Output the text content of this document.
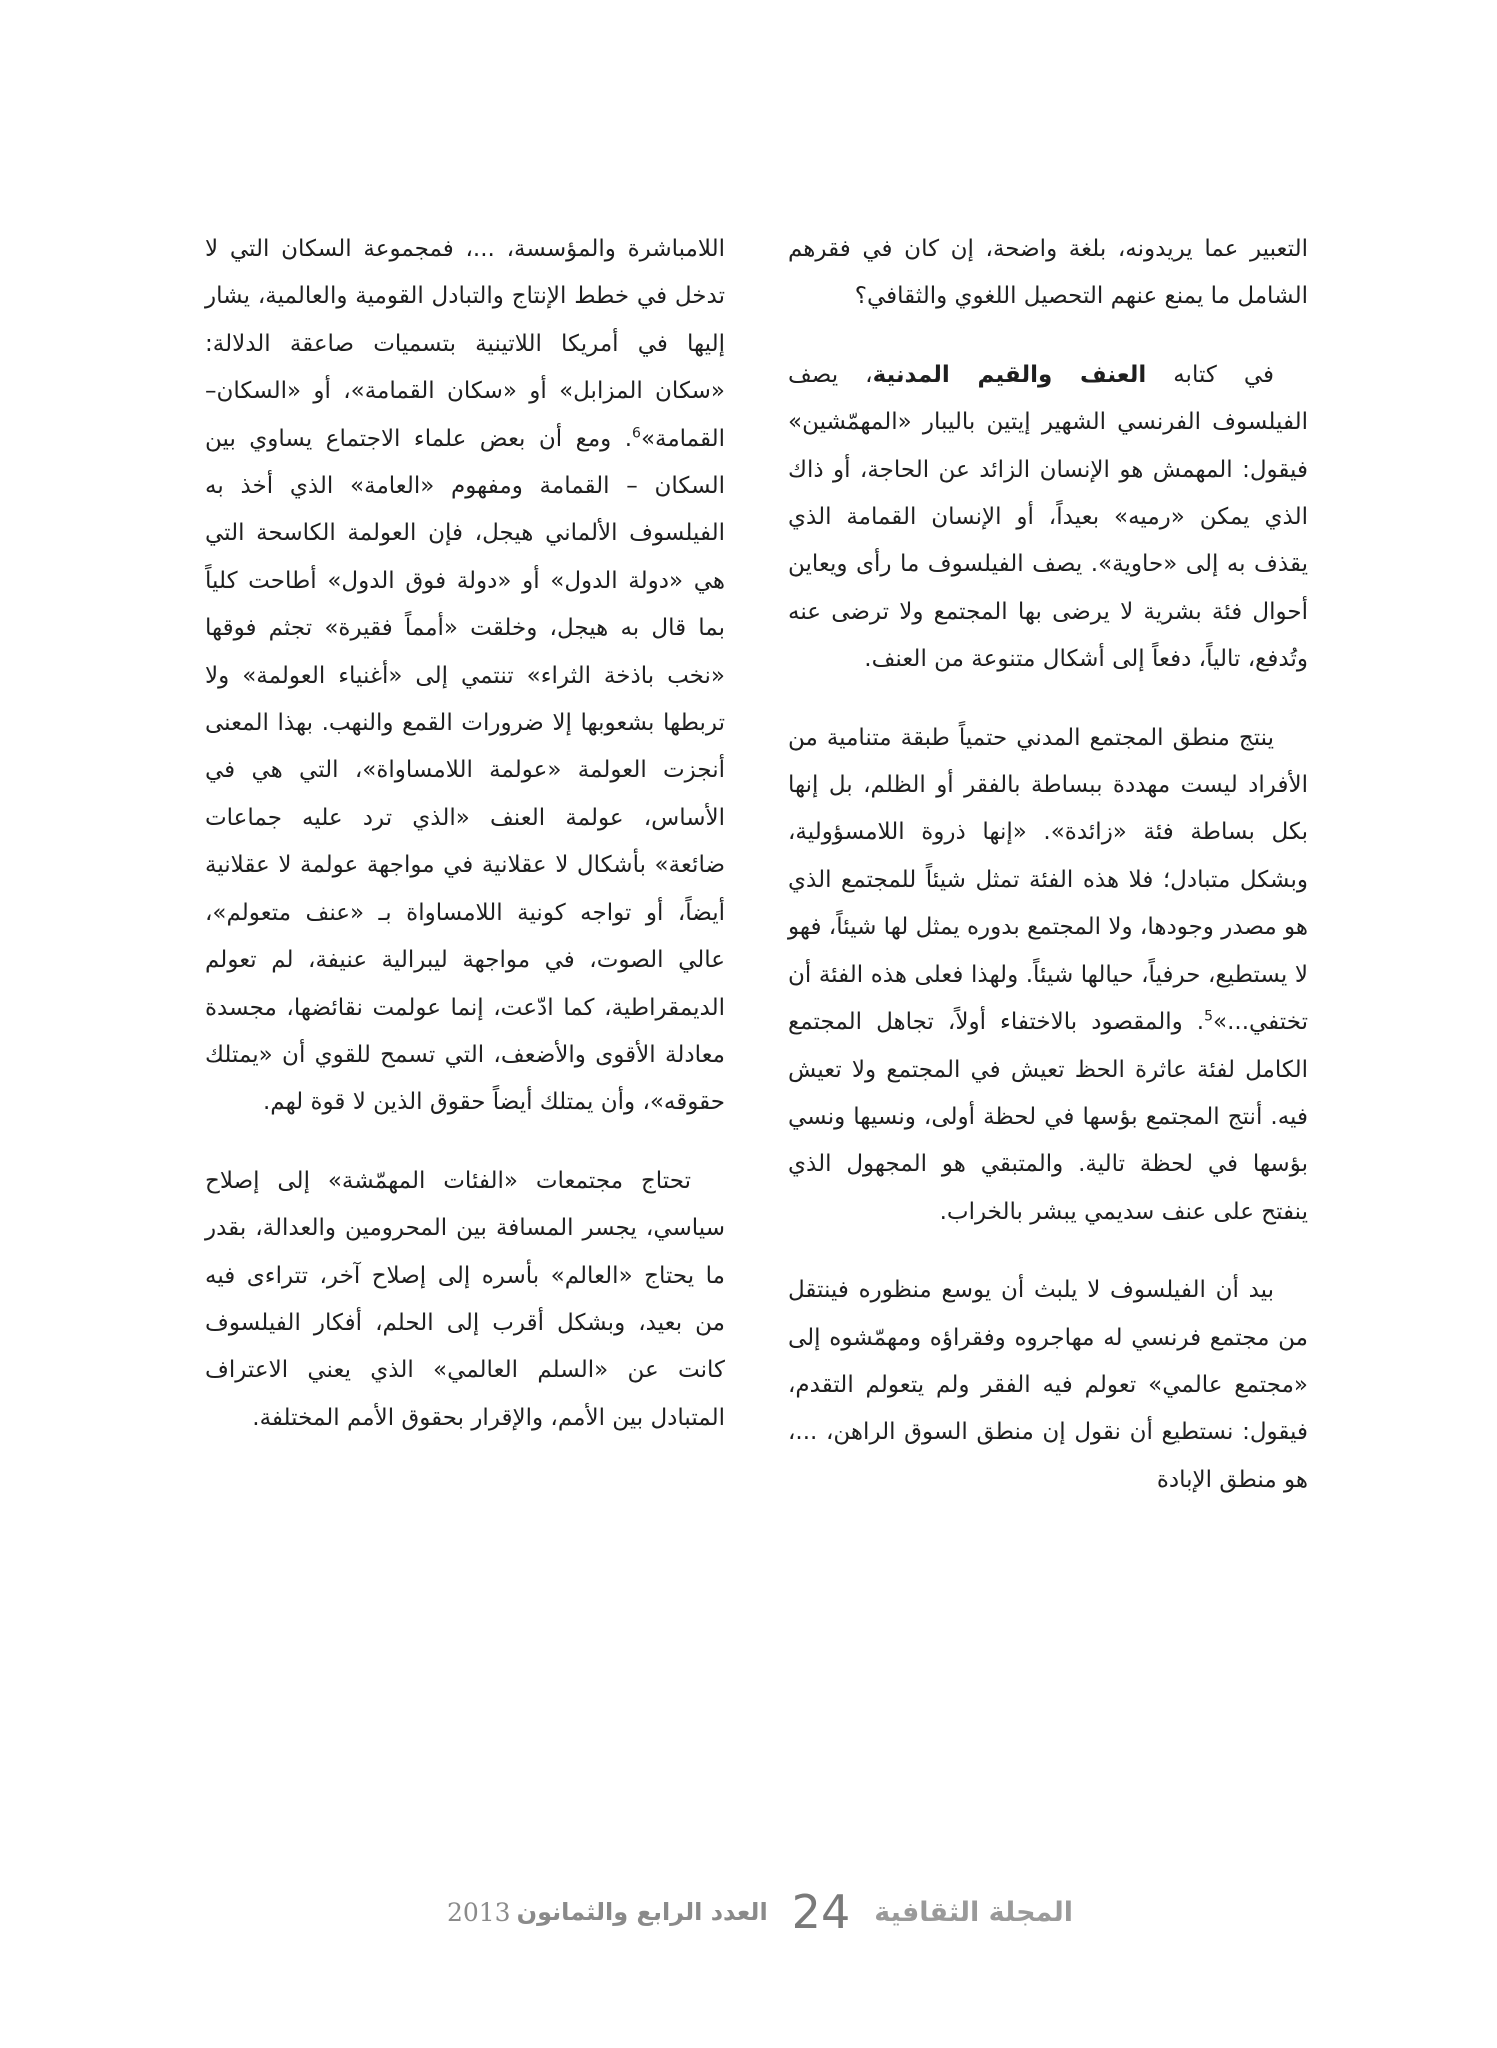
التعبير عما يريدونه، بلغة واضحة، إن كان في فقرهم الشامل ما يمنع عنهم التحصيل اللغوي والثقافي؟

في كتابه العنف والقيم المدنية، يصف الفيلسوف الفرنسي الشهير إيتين باليبار «المهمّشين» فيقول: المهمش هو الإنسان الزائد عن الحاجة، أو ذاك الذي يمكن «رميه» بعيداً، أو الإنسان القمامة الذي يقذف به إلى «حاوية». يصف الفيلسوف ما رأى ويعاين أحوال فئة بشرية لا يرضى بها المجتمع ولا ترضى عنه وتُدفع، تالياً، دفعاً إلى أشكال متنوعة من العنف.

ينتج منطق المجتمع المدني حتمياً طبقة متنامية من الأفراد ليست مهددة ببساطة بالفقر أو الظلم، بل إنها بكل بساطة فئة «زائدة». «إنها ذروة اللامسؤولية، وبشكل متبادل؛ فلا هذه الفئة تمثل شيئاً للمجتمع الذي هو مصدر وجودها، ولا المجتمع بدوره يمثل لها شيئاً، فهو لا يستطيع، حرفياً، حيالها شيئاً. ولهذا فعلى هذه الفئة أن تختفي...»$^5$. والمقصود بالاختفاء أولاً، تجاهل المجتمع الكامل لفئة عاثرة الحظ تعيش في المجتمع ولا تعيش فيه. أنتج المجتمع بؤسها في لحظة أولى، ونسيها ونسي بؤسها في لحظة تالية. والمتبقي هو المجهول الذي ينفتح على عنف سديمي يبشر بالخراب.

بيد أن الفيلسوف لا يلبث أن يوسع منظوره فينتقل من مجتمع فرنسي له مهاجروه وفقراؤه ومهمّشوه إلى «مجتمع عالمي» تعولم فيه الفقر ولم يتعولم التقدم، فيقول: نستطيع أن نقول إن منطق السوق الراهن، ...، هو منطق الإبادة

اللامباشرة والمؤسسة، ...، فمجموعة السكان التي لا تدخل في خطط الإنتاج والتبادل القومية والعالمية، يشار إليها في أمريكا اللاتينية بتسميات صاعقة الدلالة: «سكان المزابل» أو «سكان القمامة»، أو «السكان–القمامة»$^6$. ومع أن بعض علماء الاجتماع يساوي بين السكان – القمامة ومفهوم «العامة» الذي أخذ به الفيلسوف الألماني هيجل، فإن العولمة الكاسحة التي هي «دولة الدول» أو «دولة فوق الدول» أطاحت كلياً بما قال به هيجل، وخلقت «أمماً فقيرة» تجثم فوقها «نخب باذخة الثراء» تنتمي إلى «أغنياء العولمة» ولا تربطها بشعوبها إلا ضرورات القمع والنهب. بهذا المعنى أنجزت العولمة «عولمة اللامساواة»، التي هي في الأساس، عولمة العنف «الذي ترد عليه جماعات ضائعة» بأشكال لا عقلانية في مواجهة عولمة لا عقلانية أيضاً، أو تواجه كونية اللامساواة بـ «عنف متعولم»، عالي الصوت، في مواجهة ليبرالية عنيفة، لم تعولم الديمقراطية، كما ادّعت، إنما عولمت نقائضها، مجسدة معادلة الأقوى والأضعف، التي تسمح للقوي أن «يمتلك حقوقه»، وأن يمتلك أيضاً حقوق الذين لا قوة لهم.

تحتاج مجتمعات «الفئات المهمّشة» إلى إصلاح سياسي، يجسر المسافة بين المحرومين والعدالة، بقدر ما يحتاج «العالم» بأسره إلى إصلاح آخر، تتراءى فيه من بعيد، وبشكل أقرب إلى الحلم، أفكار الفيلسوف كانت عن «السلم العالمي» الذي يعني الاعتراف المتبادل بين الأمم، والإقرار بحقوق الأمم المختلفة.

2013 العدد الرابع والثمانون 24 المجلة الثقافية
